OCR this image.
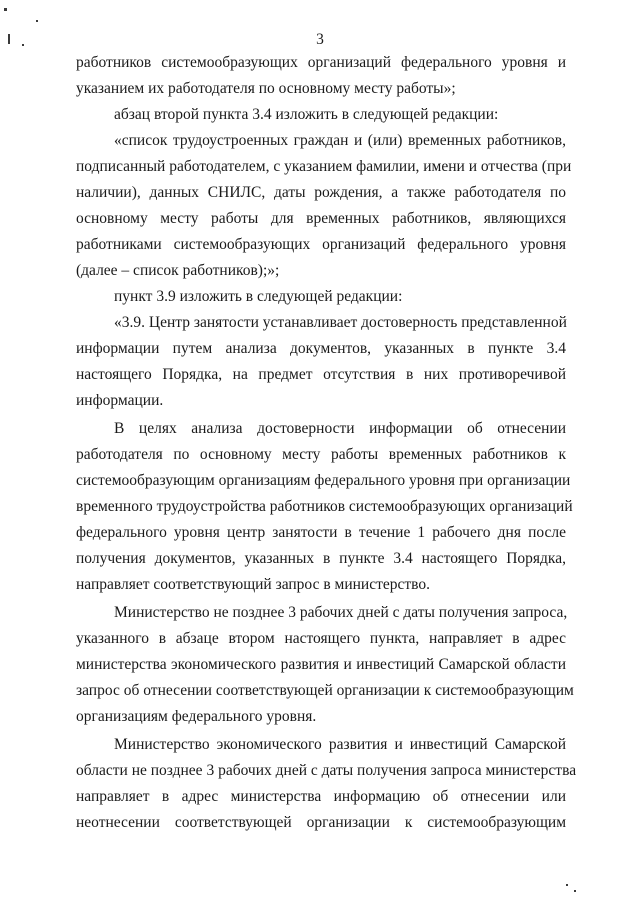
3
работников системообразующих организаций федерального уровня и
указанием их работодателя по основному месту работы»;
абзац второй пункта 3.4 изложить в следующей редакции:
«список трудоустроенных граждан и (или) временных работников,
подписанный работодателем, с указанием фамилии, имени и отчества (при
наличии), данных СНИЛС, даты рождения, а также работодателя по
основному месту работы для временных работников, являющихся
работниками системообразующих организаций федерального уровня
(далее – список работников);»;
пункт 3.9 изложить в следующей редакции:
«3.9. Центр занятости устанавливает достоверность представленной
информации путем анализа документов, указанных в пункте 3.4
настоящего Порядка, на предмет отсутствия в них противоречивой
информации.
В целях анализа достоверности информации об отнесении
работодателя по основному месту работы временных работников к
системообразующим организациям федерального уровня при организации
временного трудоустройства работников системообразующих организаций
федерального уровня центр занятости в течение 1 рабочего дня после
получения документов, указанных в пункте 3.4 настоящего Порядка,
направляет соответствующий запрос в министерство.
Министерство не позднее 3 рабочих дней с даты получения запроса,
указанного в абзаце втором настоящего пункта, направляет в адрес
министерства экономического развития и инвестиций Самарской области
запрос об отнесении соответствующей организации к системообразующим
организациям федерального уровня.
Министерство экономического развития и инвестиций Самарской
области не позднее 3 рабочих дней с даты получения запроса министерства
направляет в адрес министерства информацию об отнесении или
неотнесении соответствующей организации к системообразующим
